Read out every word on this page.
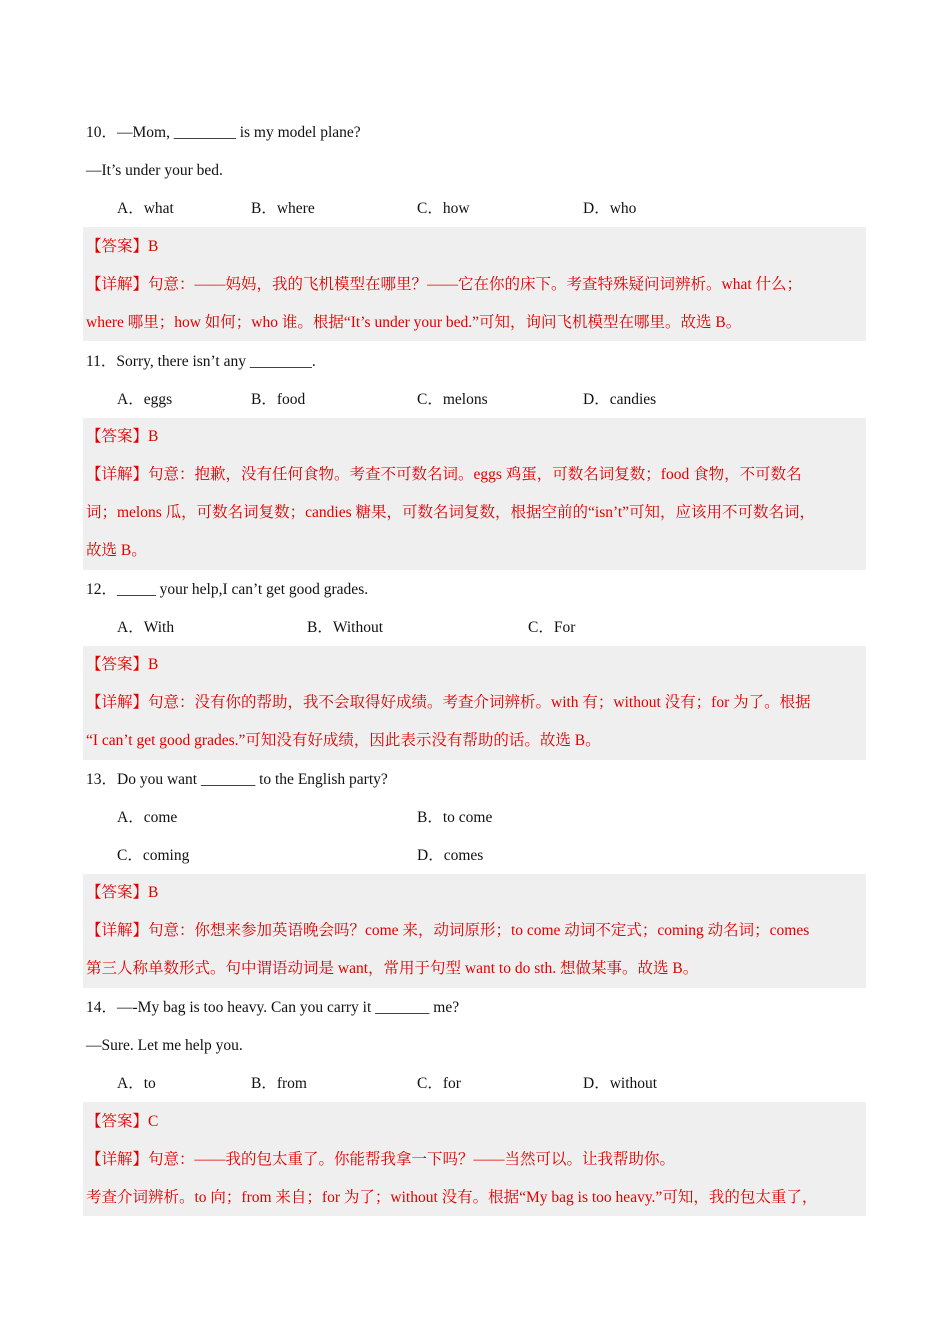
10．—Mom, ________ is my model plane?
—It’s under your bed.
A．what	B．where	C．how	D．who
【答案】B
【详解】句意：——妈妈，我的飞机模型在哪里？——它在你的床下。考查特殊疑问词辨析。what 什么；
where 哪里；how 如何；who 谁。根据“It’s under your bed.”可知，询问飞机模型在哪里。故选 B。
11．Sorry, there isn’t any ________.
A．eggs	B．food	C．melons	D．candies
【答案】B
【详解】句意：抱歉，没有任何食物。考查不可数名词。eggs 鸡蛋，可数名词复数；food 食物，不可数名
词；melons 瓜，可数名词复数；candies 糖果，可数名词复数，根据空前的“isn’t”可知，应该用不可数名词，
故选 B。
12．_____ your help,I can’t get good grades.
A．With	B．Without	C．For
【答案】B
【详解】句意：没有你的帮助，我不会取得好成绩。考查介词辨析。with 有；without 没有；for 为了。根据
“I can’t get good grades.”可知没有好成绩，因此表示没有帮助的话。故选 B。
13．Do you want _______ to the English party?
A．come	B．to come
C．coming	D．comes
【答案】B
【详解】句意：你想来参加英语晚会吗？come 来，动词原形；to come 动词不定式；coming 动名词；comes
第三人称单数形式。句中谓语动词是 want，常用于句型 want to do sth. 想做某事。故选 B。
14．—-My bag is too heavy. Can you carry it _______ me?
—Sure. Let me help you.
A．to	B．from	C．for	D．without
【答案】C
【详解】句意：——我的包太重了。你能帮我拿一下吗？——当然可以。让我帮助你。
考查介词辨析。to 向；from 来自；for 为了；without 没有。根据“My bag is too heavy.”可知，我的包太重了，
